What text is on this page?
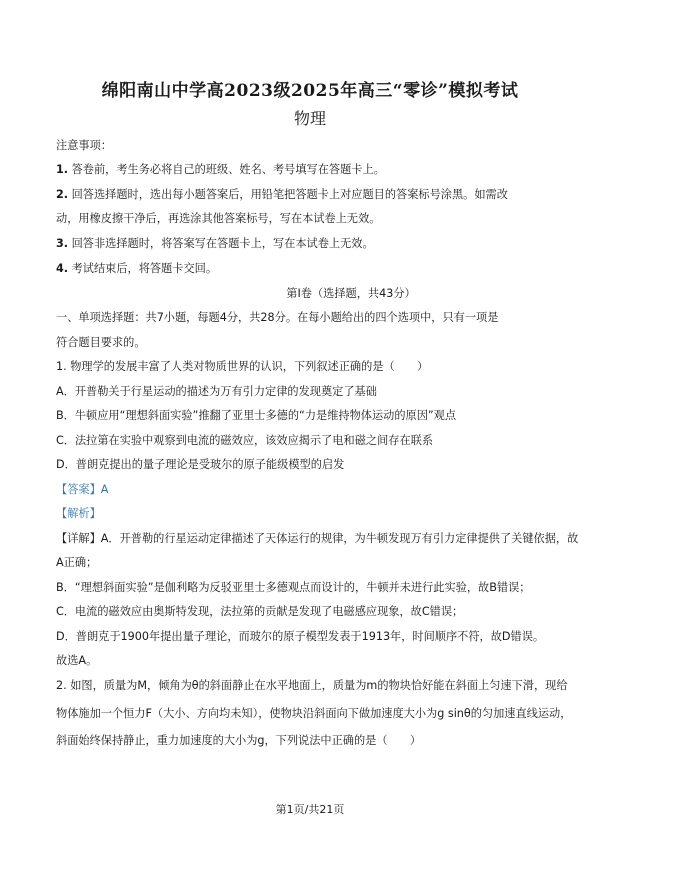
绵阳南山中学高2023级2025年高三“零诊”模拟考试
物理
注意事项：
1. 答卷前，考生务必将自己的班级、姓名、考号填写在答题卡上。
2. 回答选择题时，选出每小题答案后，用铅笔把答题卡上对应题目的答案标号涂黑。如需改
动，用橡皮擦干净后，再选涂其他答案标号，写在本试卷上无效。
3. 回答非选择题时，将答案写在答题卡上，写在本试卷上无效。
4. 考试结束后，将答题卡交回。
第Ⅰ卷（选择题，共43分）
一、单项选择题：共7小题，每题4分，共28分。在每小题给出的四个选项中，只有一项是
符合题目要求的。
1. 物理学的发展丰富了人类对物质世界的认识，下列叙述正确的是（　　）
A．开普勒关于行星运动的描述为万有引力定律的发现奠定了基础
B．牛顿应用“理想斜面实验”推翻了亚里士多德的“力是维持物体运动的原因”观点
C．法拉第在实验中观察到电流的磁效应，该效应揭示了电和磁之间存在联系
D．普朗克提出的量子理论是受玻尔的原子能级模型的启发
【答案】A
【解析】
【详解】A．开普勒的行星运动定律描述了天体运行的规律，为牛顿发现万有引力定律提供了关键依据，故
A正确；
B．“理想斜面实验”是伽利略为反驳亚里士多德观点而设计的，牛顿并未进行此实验，故B错误；
C．电流的磁效应由奥斯特发现，法拉第的贡献是发现了电磁感应现象，故C错误；
D．普朗克于1900年提出量子理论，而玻尔的原子模型发表于1913年，时间顺序不符，故D错误。
故选A。
2. 如图，质量为M，倾角为θ的斜面静止在水平地面上，质量为m的物块恰好能在斜面上匀速下滑，现给
物体施加一个恒力F（大小、方向均未知），使物块沿斜面向下做加速度大小为g sinθ的匀加速直线运动，
斜面始终保持静止，重力加速度的大小为g，下列说法中正确的是（　　）
第1页/共21页
